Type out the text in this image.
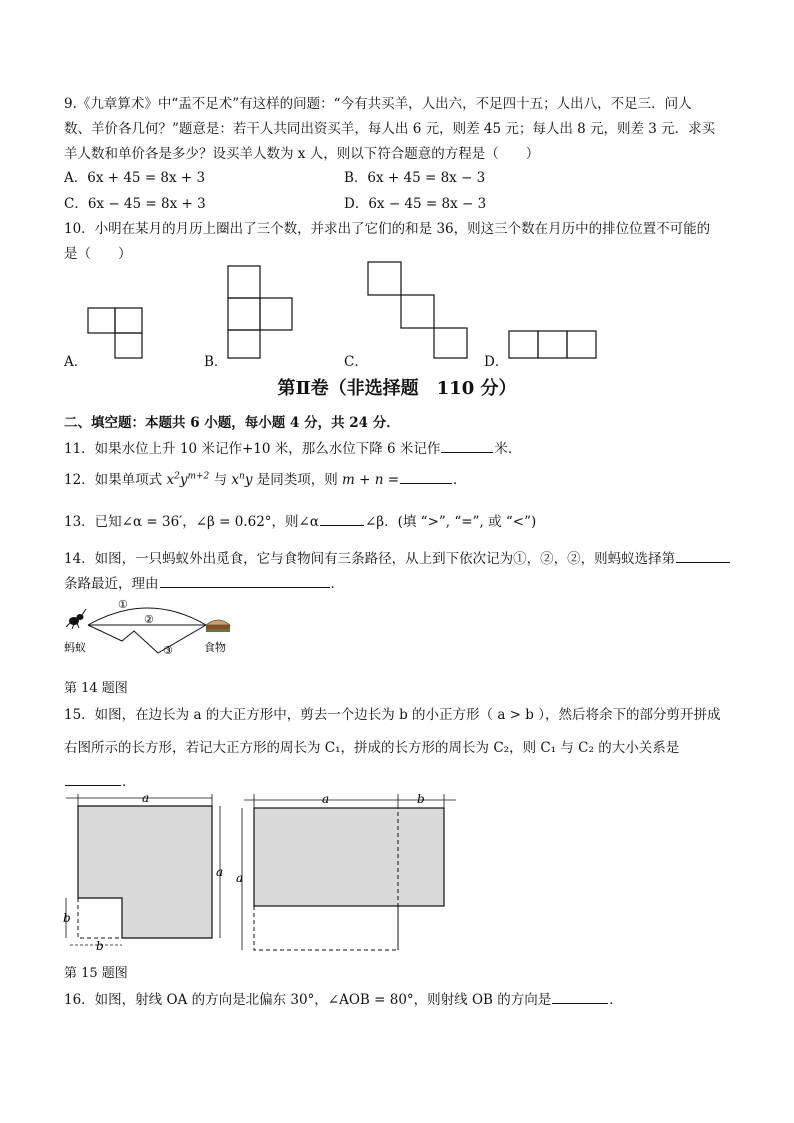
9.《九章算术》中“盂不足术”有这样的问题：“今有共买羊，人出六，不足四十五；人出八，不足三．问人
数、羊价各几何？”题意是：若干人共同出资买羊，每人出 6 元，则差 45 元；每人出 8 元，则差 3 元．求买
羊人数和单价各是多少？设买羊人数为 x 人，则以下符合题意的方程是（　　）
A．6x + 45 = 8x + 3	B．6x + 45 = 8x − 3
C．6x − 45 = 8x + 3	D．6x − 45 = 8x − 3
10．小明在某月的月历上圈出了三个数，并求出了它们的和是 36，则这三个数在月历中的排位位置不可能的
是（　　）
A．	B．	C．	D．
第Ⅱ卷（非选择题　110 分）
二、填空题：本题共 6 小题，每小题 4 分，共 24 分．
11．如果水位上升 10 米记作+10 米，那么水位下降 6 米记作	米．
12．如果单项式 $x^2y^{m+2}$ 与 $x^ny$ 是同类项，则 m + n =	．
13．已知∠α = 36′，∠β = 0.62°，则∠α	∠β．(填 “>”, “=”, 或 “<”)
14．如图，一只蚂蚁外出觅食，它与食物间有三条路径，从上到下依次记为①，②，②，则蚂蚁选择第
条路最近，理由	．
①
②
③
蚂蚁	食物
第 14 题图
15．如图，在边长为 a 的大正方形中，剪去一个边长为 b 的小正方形（ a > b ），然后将余下的部分剪开拼成
右图所示的长方形，若记大正方形的周长为 C₁，拼成的长方形的周长为 C₂，则 C₁ 与 C₂ 的大小关系是
．
a
a
b
b
a	b
a
第 15 题图
16．如图，射线 OA 的方向是北偏东 30°，∠AOB = 80°，则射线 OB 的方向是	．
